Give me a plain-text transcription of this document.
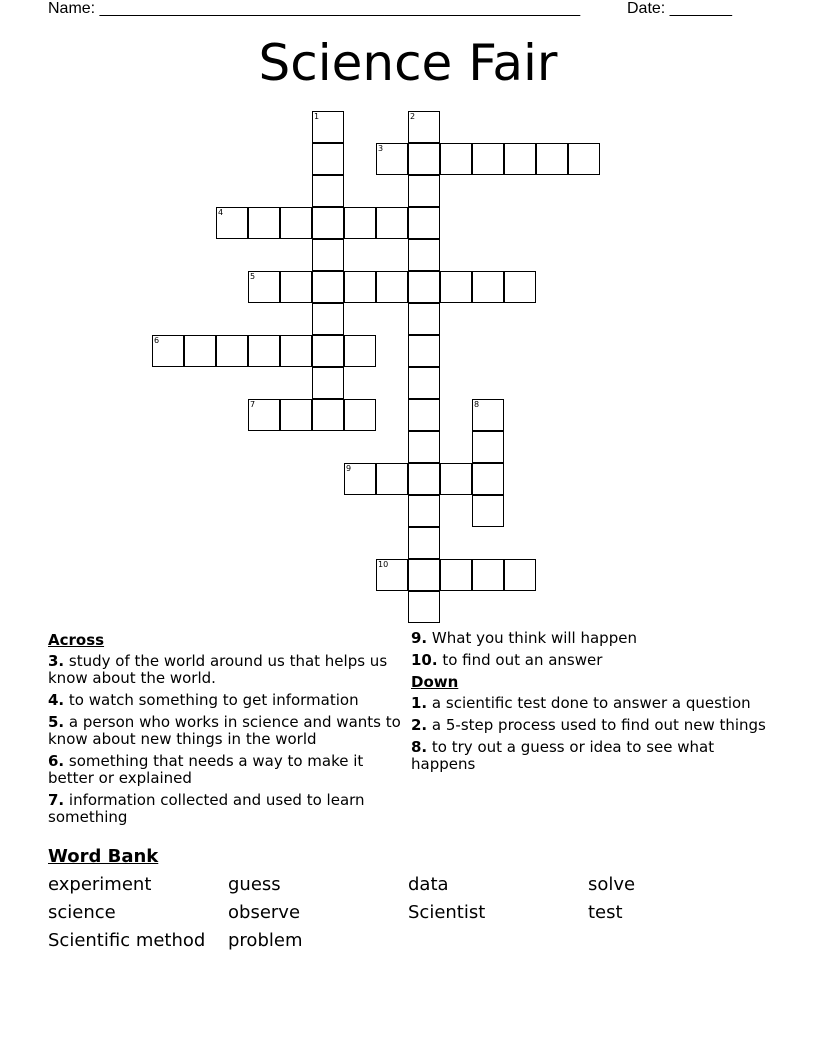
Name: ______________________________________________________	Date: _______
Science Fair
1	2
3
4
5
6
7	8
9
10
Across
3. study of the world around us that helps us know about the world.
4. to watch something to get information
5. a person who works in science and wants to know about new things in the world
6. something that needs a way to make it better or explained
7. information collected and used to learn something
9. What you think will happen
10. to find out an answer
Down
1. a scientific test done to answer a question
2. a 5-step process used to find out new things
8. to try out a guess or idea to see what happens
Word Bank
experiment	guess	data	solve
science	observe	Scientist	test
Scientific method	problem
